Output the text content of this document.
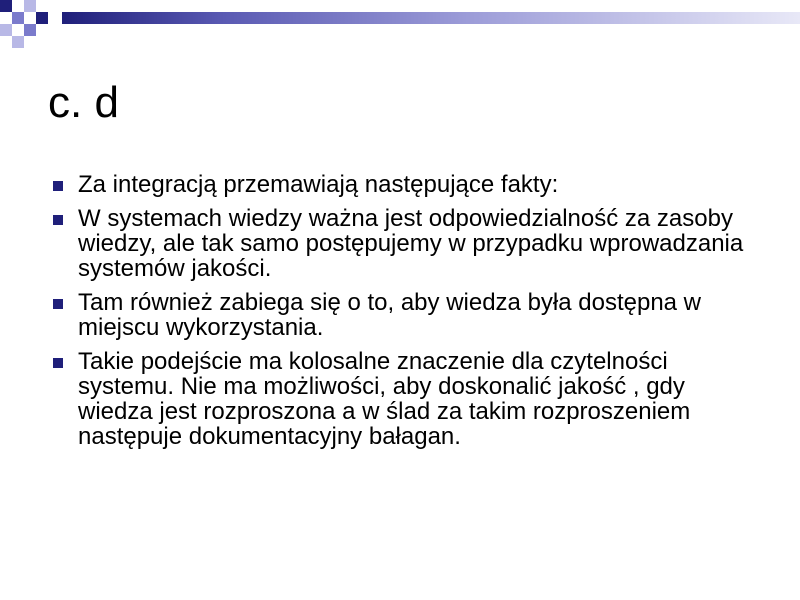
c. d
Za integracją przemawiają następujące fakty:
W systemach wiedzy ważna jest odpowiedzialność za zasoby wiedzy, ale tak samo postępujemy w przypadku wprowadzania systemów jakości.
Tam również zabiega się o to, aby wiedza była dostępna w miejscu wykorzystania.
Takie podejście ma kolosalne znaczenie dla czytelności systemu. Nie ma możliwości, aby doskonalić jakość , gdy wiedza jest rozproszona a w ślad za takim rozproszeniem następuje dokumentacyjny bałagan.
